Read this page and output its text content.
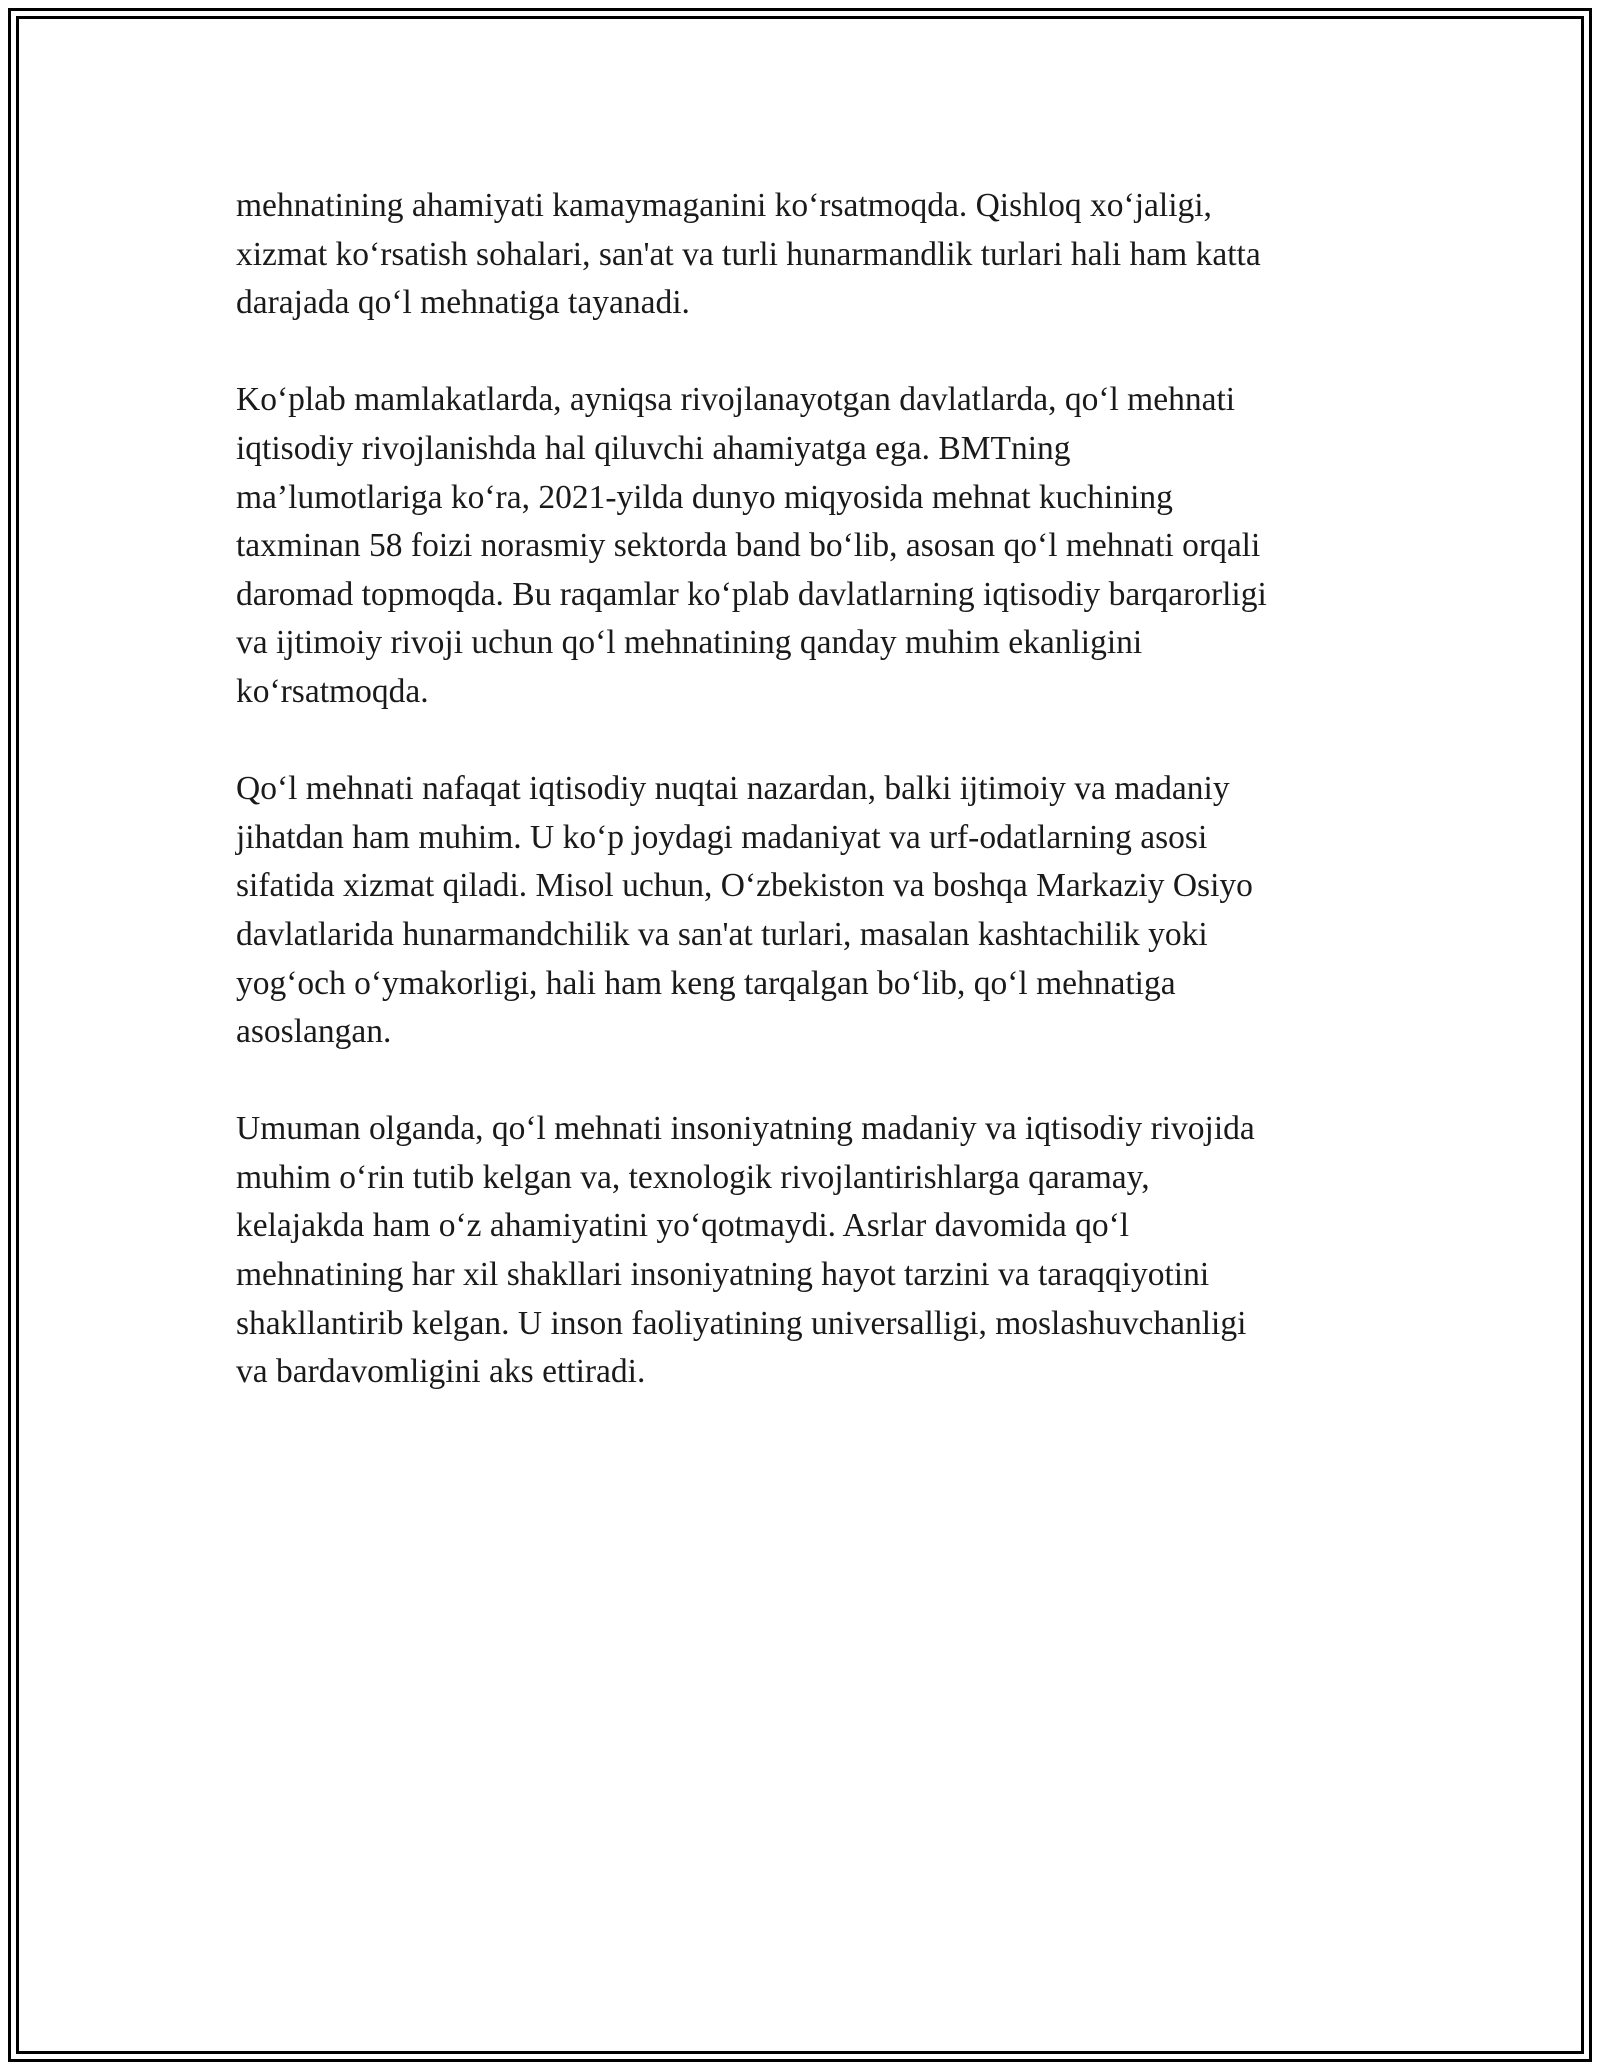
mehnatining ahamiyati kamaymaganini ko‘rsatmoqda. Qishloq xo‘jaligi,
xizmat ko‘rsatish sohalari, san'at va turli hunarmandlik turlari hali ham katta
darajada qo‘l mehnatiga tayanadi.
Ko‘plab mamlakatlarda, ayniqsa rivojlanayotgan davlatlarda, qo‘l mehnati
iqtisodiy rivojlanishda hal qiluvchi ahamiyatga ega. BMTning
ma’lumotlariga ko‘ra, 2021-yilda dunyo miqyosida mehnat kuchining
taxminan 58 foizi norasmiy sektorda band bo‘lib, asosan qo‘l mehnati orqali
daromad topmoqda. Bu raqamlar ko‘plab davlatlarning iqtisodiy barqarorligi
va ijtimoiy rivoji uchun qo‘l mehnatining qanday muhim ekanligini
ko‘rsatmoqda.
Qo‘l mehnati nafaqat iqtisodiy nuqtai nazardan, balki ijtimoiy va madaniy
jihatdan ham muhim. U ko‘p joydagi madaniyat va urf-odatlarning asosi
sifatida xizmat qiladi. Misol uchun, O‘zbekiston va boshqa Markaziy Osiyo
davlatlarida hunarmandchilik va san'at turlari, masalan kashtachilik yoki
yog‘och o‘ymakorligi, hali ham keng tarqalgan bo‘lib, qo‘l mehnatiga
asoslangan.
Umuman olganda, qo‘l mehnati insoniyatning madaniy va iqtisodiy rivojida
muhim o‘rin tutib kelgan va, texnologik rivojlantirishlarga qaramay,
kelajakda ham o‘z ahamiyatini yo‘qotmaydi. Asrlar davomida qo‘l
mehnatining har xil shakllari insoniyatning hayot tarzini va taraqqiyotini
shakllantirib kelgan. U inson faoliyatining universalligi, moslashuvchanligi
va bardavomligini aks ettiradi.
